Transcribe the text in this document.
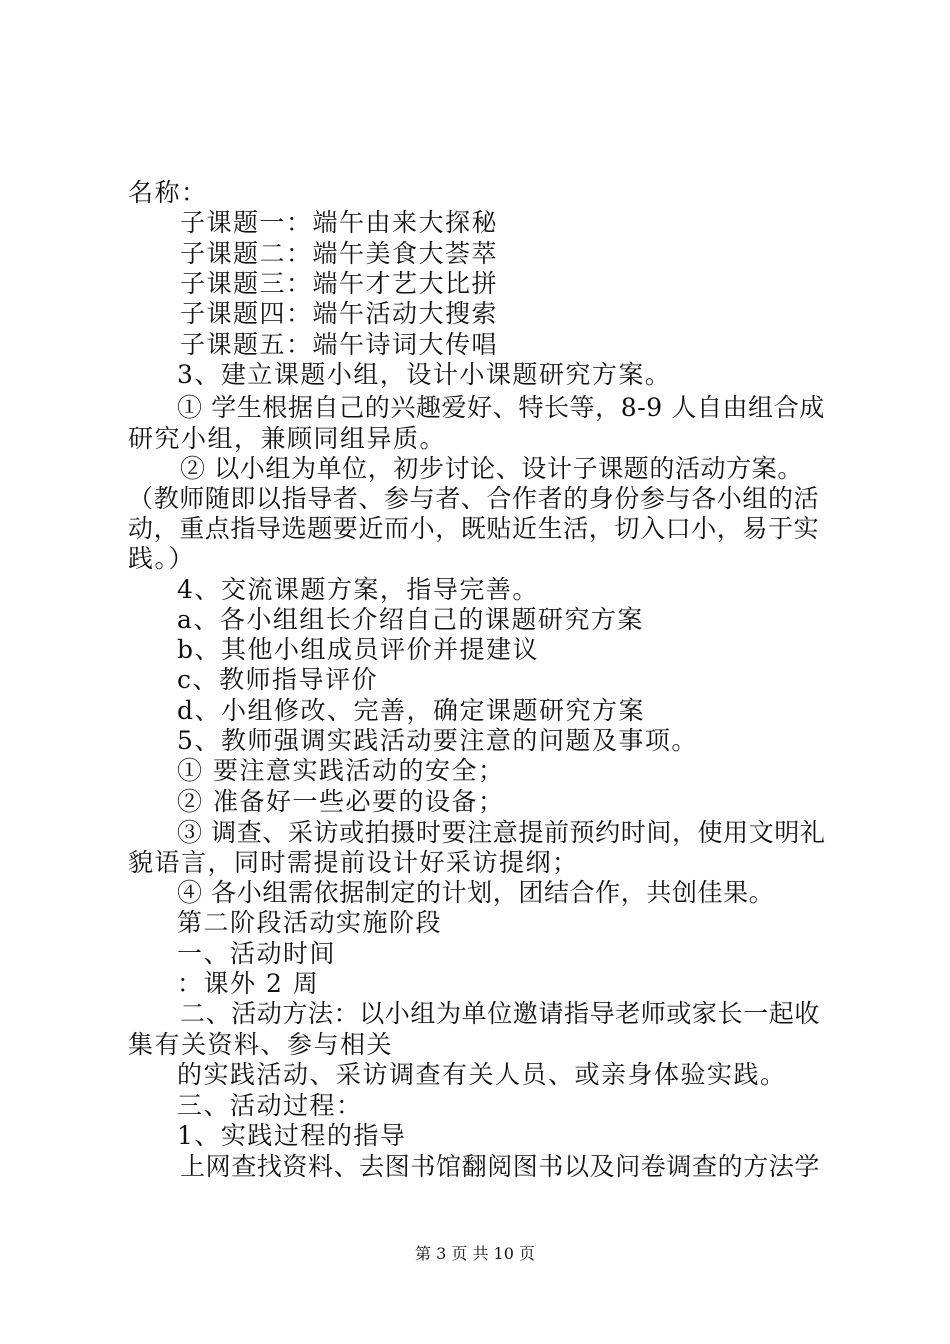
名称：
子课题一：端午由来大探秘
子课题二：端午美食大荟萃
子课题三：端午才艺大比拼
子课题四：端午活动大搜索
子课题五：端午诗词大传唱
3、建立课题小组，设计小课题研究方案。
① 学生根据自己的兴趣爱好、特长等，8-9 人自由组合成
研究小组，兼顾同组异质。
② 以小组为单位，初步讨论、设计子课题的活动方案。
（教师随即以指导者、参与者、合作者的身份参与各小组的活
动，重点指导选题要近而小，既贴近生活，切入口小，易于实
践。）
4、交流课题方案，指导完善。
a、各小组组长介绍自己的课题研究方案
b、其他小组成员评价并提建议
c、教师指导评价
d、小组修改、完善，确定课题研究方案
5、教师强调实践活动要注意的问题及事项。
① 要注意实践活动的安全；
② 准备好一些必要的设备；
③ 调查、采访或拍摄时要注意提前预约时间，使用文明礼
貌语言，同时需提前设计好采访提纲；
④ 各小组需依据制定的计划，团结合作，共创佳果。
第二阶段活动实施阶段
一、活动时间
：课外 2 周
二、活动方法：以小组为单位邀请指导老师或家长一起收
集有关资料、参与相关
的实践活动、采访调查有关人员、或亲身体验实践。
三、活动过程：
1、实践过程的指导
上网查找资料、去图书馆翻阅图书以及问卷调查的方法学
第 3 页 共 10 页
